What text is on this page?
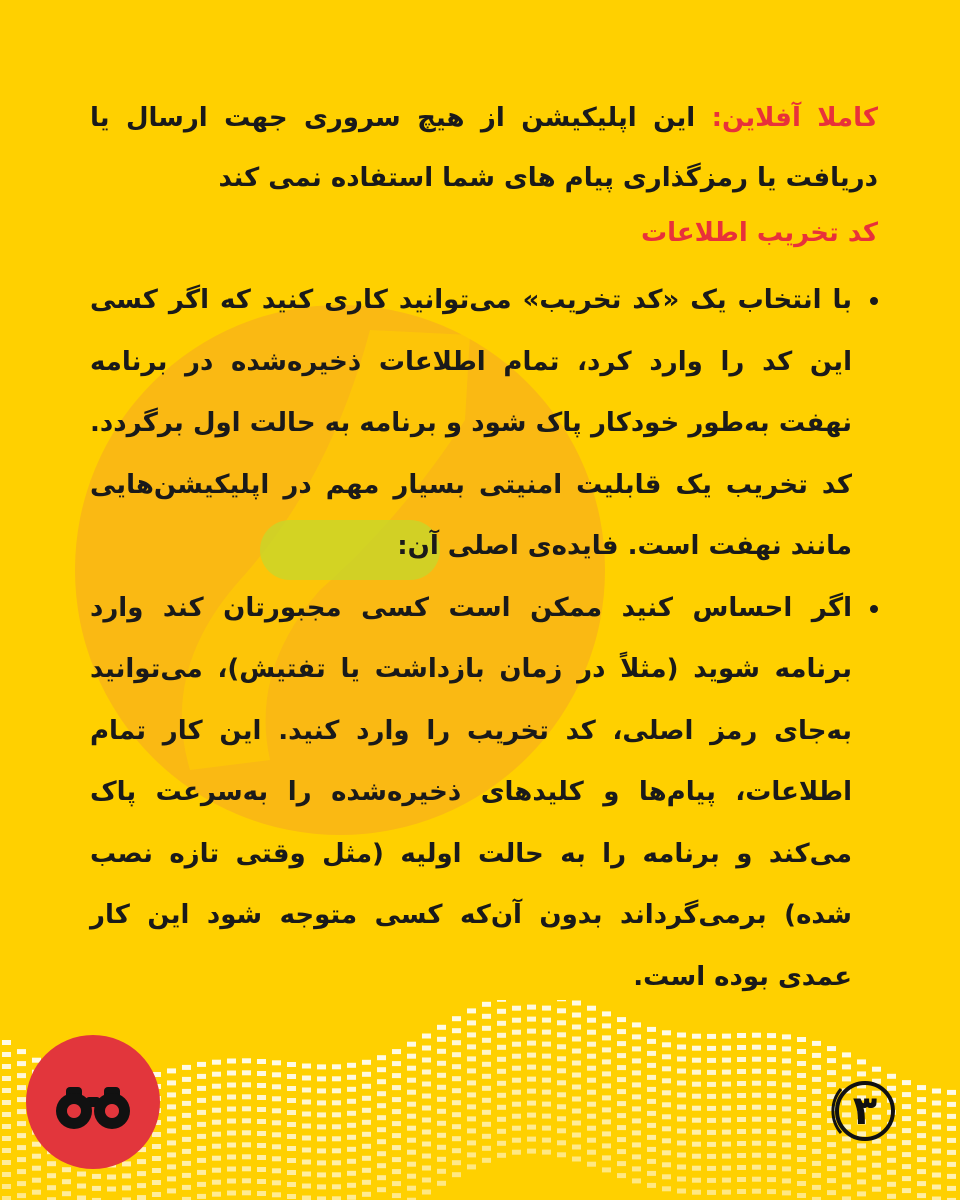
کاملا آفلاین: این اپلیکیشن از هیچ سروری جهت ارسال یا دریافت یا رمزگذاری پیام های شما استفاده نمی کند

کد تخریب اطلاعات

با انتخاب یک «کد تخریب» می‌توانید کاری کنید که اگر کسی این کد را وارد کرد، تمام اطلاعات ذخیره‌شده در برنامه نهفت به‌طور خودکار پاک شود و برنامه به حالت اول برگردد. کد تخریب یک قابلیت امنیتی بسیار مهم در اپلیکیشن‌هایی مانند نهفت است. فایده‌ی اصلی آن:
اگر احساس کنید ممکن است کسی مجبورتان کند وارد برنامه شوید (مثلاً در زمان بازداشت یا تفتیش)، می‌توانید به‌جای رمز اصلی، کد تخریب را وارد کنید. این کار تمام اطلاعات، پیام‌ها و کلیدهای ذخیره‌شده را به‌سرعت پاک می‌کند و برنامه را به حالت اولیه (مثل وقتی تازه نصب شده) برمی‌گرداند بدون آن‌که کسی متوجه شود این کار عمدی بوده است.
۳
